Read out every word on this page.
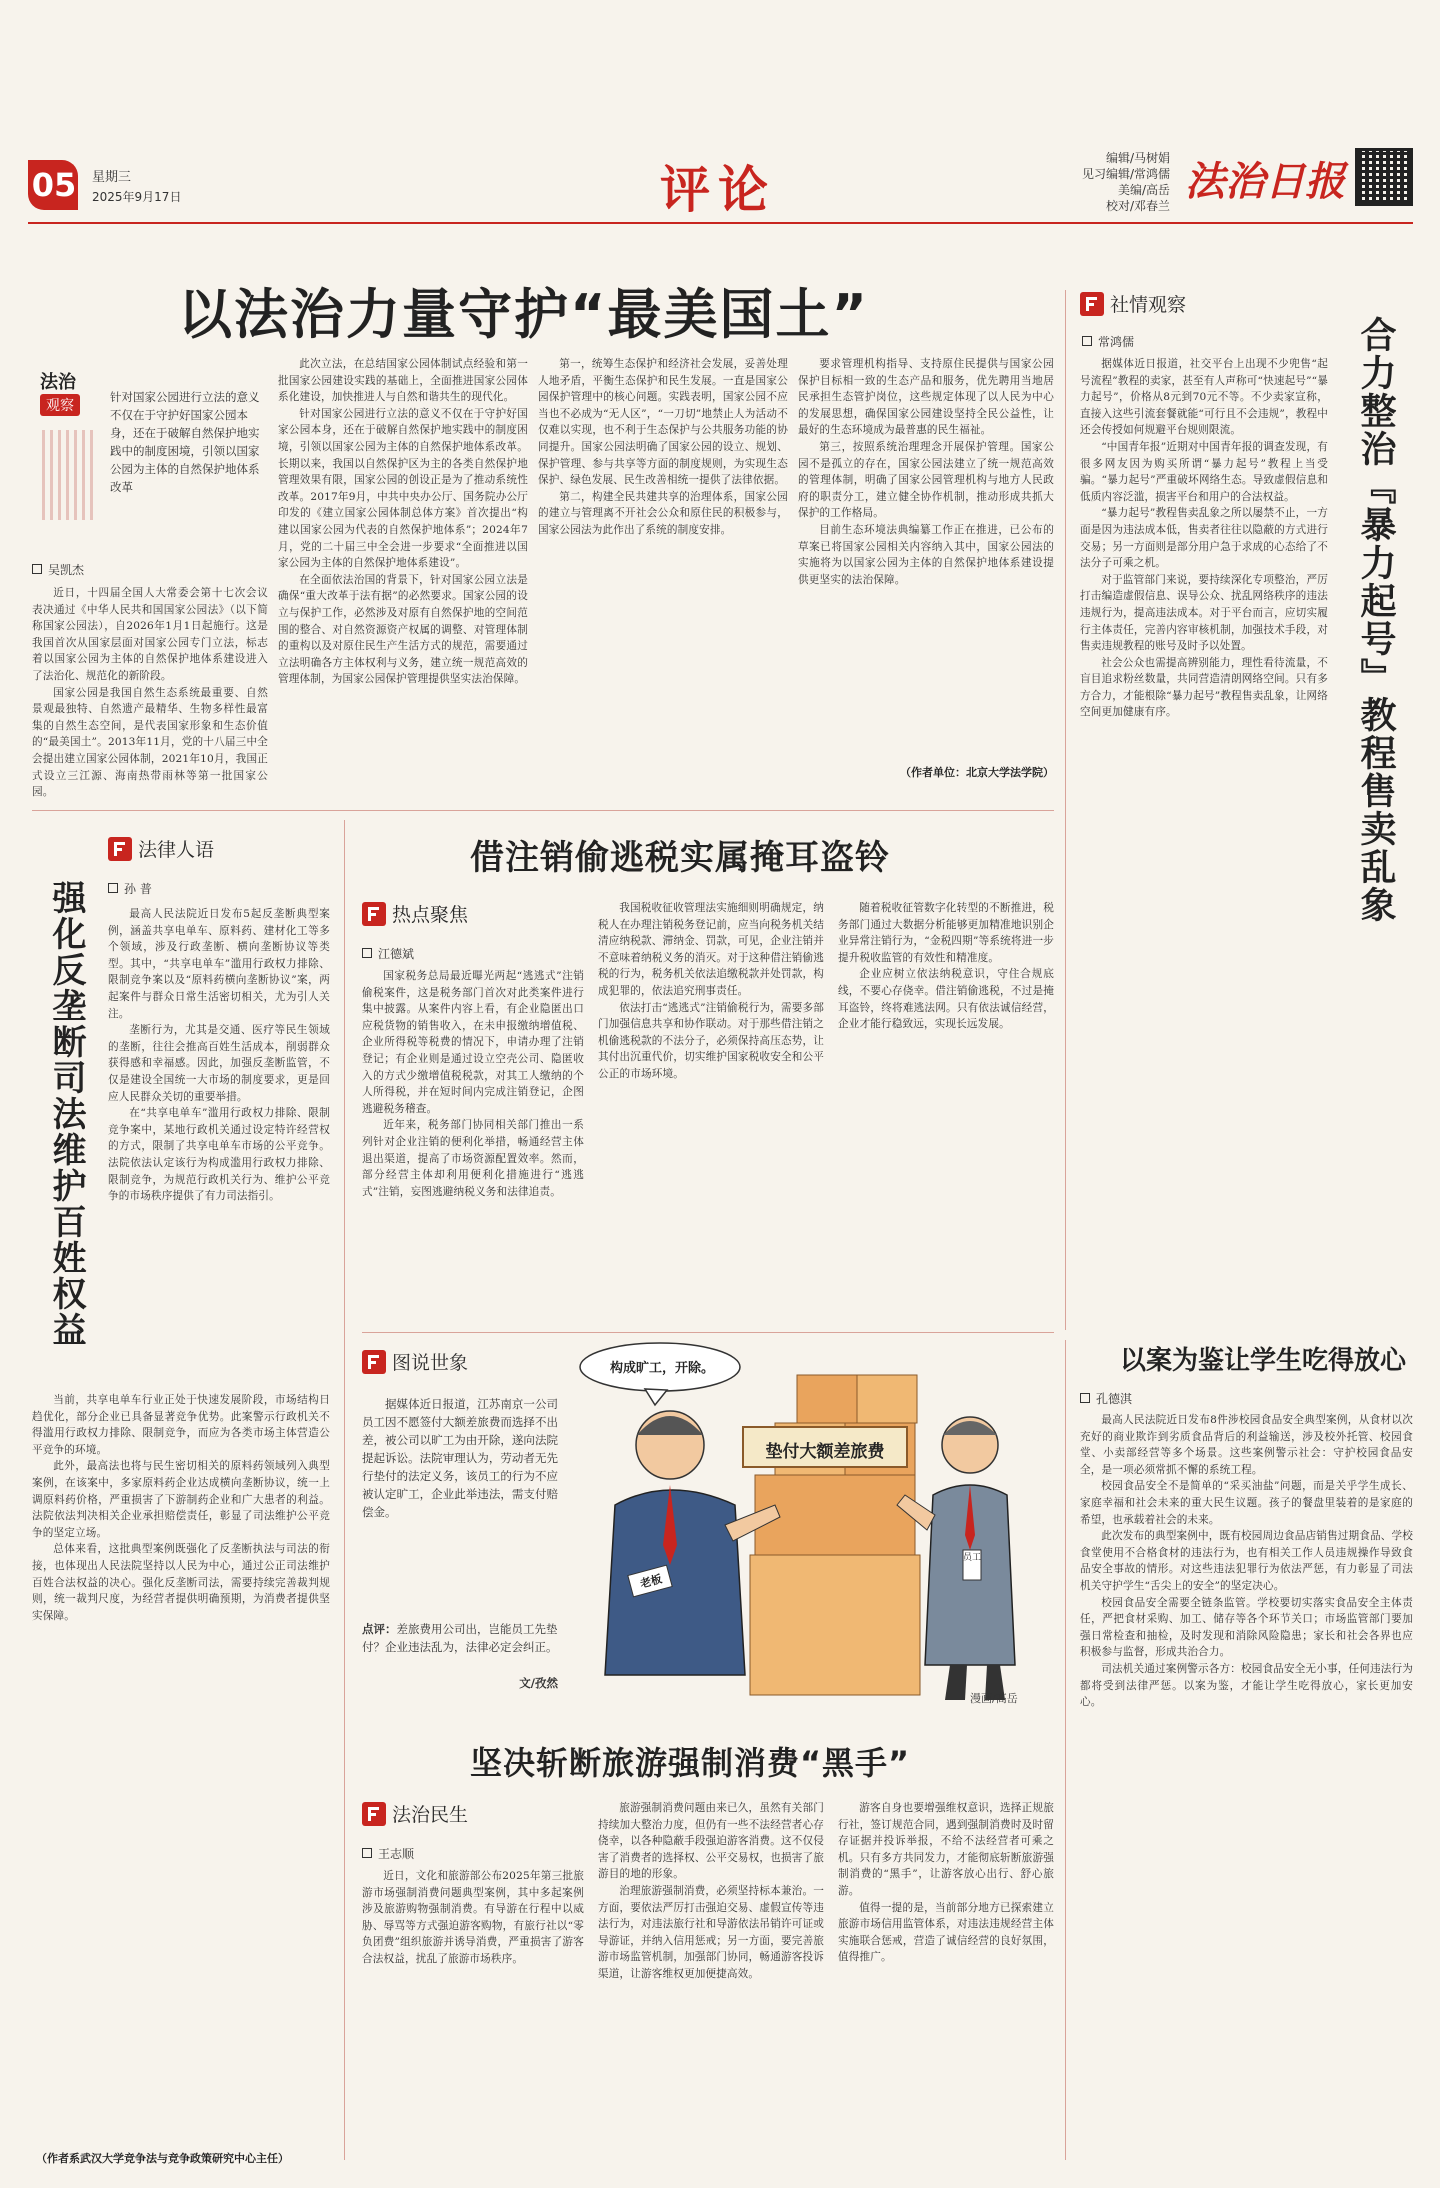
05 星期三
2025年9月17日	评论
编辑/马树娟
见习编辑/常鸿儒
美编/高岳
校对/邓春兰
法治日报
以法治力量守护“最美国土”
法治
观察
针对国家公园进行立法的意义不仅在于守护好国家公园本身，还在于破解自然保护地实践中的制度困境，引领以国家公园为主体的自然保护地体系改革
吴凯杰

近日，十四届全国人大常委会第十七次会议表决通过《中华人民共和国国家公园法》（以下简称国家公园法），自2026年1月1日起施行。这是我国首次从国家层面对国家公园专门立法，标志着以国家公园为主体的自然保护地体系建设进入了法治化、规范化的新阶段。

国家公园是我国自然生态系统最重要、自然景观最独特、自然遗产最精华、生物多样性最富集的自然生态空间，是代表国家形象和生态价值的“最美国土”。2013年11月，党的十八届三中全会提出建立国家公园体制，2021年10月，我国正式设立三江源、海南热带雨林等第一批国家公园。

此次立法，在总结国家公园体制试点经验和第一批国家公园建设实践的基础上，全面推进国家公园体系化建设，加快推进人与自然和谐共生的现代化。

针对国家公园进行立法的意义不仅在于守护好国家公园本身，还在于破解自然保护地实践中的制度困境，引领以国家公园为主体的自然保护地体系改革。长期以来，我国以自然保护区为主的各类自然保护地管理效果有限，国家公园的创设正是为了推动系统性改革。2017年9月，中共中央办公厅、国务院办公厅印发的《建立国家公园体制总体方案》首次提出“构建以国家公园为代表的自然保护地体系”；2024年7月，党的二十届三中全会进一步要求“全面推进以国家公园为主体的自然保护地体系建设”。

在全面依法治国的背景下，针对国家公园立法是确保“重大改革于法有据”的必然要求。国家公园的设立与保护工作，必然涉及对原有自然保护地的空间范围的整合、对自然资源资产权属的调整、对管理体制的重构以及对原住民生产生活方式的规范，需要通过立法明确各方主体权利与义务，建立统一规范高效的管理体制，为国家公园保护管理提供坚实法治保障。

第一，统筹生态保护和经济社会发展，妥善处理人地矛盾，平衡生态保护和民生发展。一直是国家公园保护管理中的核心问题。实践表明，国家公园不应当也不必成为“无人区”，“一刀切”地禁止人为活动不仅难以实现，也不利于生态保护与公共服务功能的协同提升。国家公园法明确了国家公园的设立、规划、保护管理、参与共享等方面的制度规则，为实现生态保护、绿色发展、民生改善相统一提供了法律依据。

第二，构建全民共建共享的治理体系，国家公园的建立与管理离不开社会公众和原住民的积极参与，国家公园法为此作出了系统的制度安排。

要求管理机构指导、支持原住民提供与国家公园保护目标相一致的生态产品和服务，优先聘用当地居民承担生态管护岗位，这些规定体现了以人民为中心的发展思想，确保国家公园建设坚持全民公益性，让最好的生态环境成为最普惠的民生福祉。

第三，按照系统治理理念开展保护管理。国家公园不是孤立的存在，国家公园法建立了统一规范高效的管理体制，明确了国家公园管理机构与地方人民政府的职责分工，建立健全协作机制，推动形成共抓大保护的工作格局。

目前生态环境法典编纂工作正在推进，已公布的草案已将国家公园相关内容纳入其中，国家公园法的实施将为以国家公园为主体的自然保护地体系建设提供更坚实的法治保障。

（作者单位：北京大学法学院）
社情观察
常鸿儒

据媒体近日报道，社交平台上出现不少兜售“起号流程”教程的卖家，甚至有人声称可“快速起号”“暴力起号”，价格从8元到70元不等。不少卖家宣称，直接入这些引流套餐就能“可行且不会违规”，教程中还会传授如何规避平台规则限流。

“中国青年报”近期对中国青年报的调查发现，有很多网友因为购买所谓“暴力起号”教程上当受骗。“暴力起号”严重破坏网络生态。导致虚假信息和低质内容泛滥，损害平台和用户的合法权益。

“暴力起号”教程售卖乱象之所以屡禁不止，一方面是因为违法成本低，售卖者往往以隐蔽的方式进行交易；另一方面则是部分用户急于求成的心态给了不法分子可乘之机。

对于监管部门来说，要持续深化专项整治，严厉打击编造虚假信息、误导公众、扰乱网络秩序的违法违规行为，提高违法成本。对于平台而言，应切实履行主体责任，完善内容审核机制，加强技术手段，对售卖违规教程的账号及时予以处置。

社会公众也需提高辨别能力，理性看待流量，不盲目追求粉丝数量，共同营造清朗网络空间。只有多方合力，才能根除“暴力起号”教程售卖乱象，让网络空间更加健康有序。	合力整治『暴力起号』教程售卖乱象
法律人语
孙 普
强化反垄断司法维护百姓权益	最高人民法院近日发布5起反垄断典型案例，涵盖共享电单车、原料药、建材化工等多个领域，涉及行政垄断、横向垄断协议等类型。其中，“共享电单车”滥用行政权力排除、限制竞争案以及“原料药横向垄断协议”案，两起案件与群众日常生活密切相关，尤为引人关注。

垄断行为，尤其是交通、医疗等民生领域的垄断，往往会推高百姓生活成本，削弱群众获得感和幸福感。因此，加强反垄断监管，不仅是建设全国统一大市场的制度要求，更是回应人民群众关切的重要举措。

在“共享电单车”滥用行政权力排除、限制竞争案中，某地行政机关通过设定特许经营权的方式，限制了共享电单车市场的公平竞争。法院依法认定该行为构成滥用行政权力排除、限制竞争，为规范行政机关行为、维护公平竞争的市场秩序提供了有力司法指引。

当前，共享电单车行业正处于快速发展阶段，市场结构日趋优化，部分企业已具备显著竞争优势。此案警示行政机关不得滥用行政权力排除、限制竞争，而应为各类市场主体营造公平竞争的环境。

此外，最高法也将与民生密切相关的原料药领域列入典型案例，在该案中，多家原料药企业达成横向垄断协议，统一上调原料药价格，严重损害了下游制药企业和广大患者的利益。法院依法判决相关企业承担赔偿责任，彰显了司法维护公平竞争的坚定立场。

总体来看，这批典型案例既强化了反垄断执法与司法的衔接，也体现出人民法院坚持以人民为中心，通过公正司法维护百姓合法权益的决心。强化反垄断司法，需要持续完善裁判规则，统一裁判尺度，为经营者提供明确预期，为消费者提供坚实保障。

（作者系武汉大学竞争法与竞争政策研究中心主任）
借注销偷逃税实属掩耳盗铃
热点聚焦
江德斌

国家税务总局最近曝光两起“逃逃式”注销偷税案件，这是税务部门首次对此类案件进行集中披露。从案件内容上看，有企业隐匿出口应税货物的销售收入，在未申报缴纳增值税、企业所得税等税费的情况下，申请办理了注销登记；有企业则是通过设立空壳公司、隐匿收入的方式少缴增值税税款，对其工人缴纳的个人所得税，并在短时间内完成注销登记，企图逃避税务稽查。

近年来，税务部门协同相关部门推出一系列针对企业注销的便利化举措，畅通经营主体退出渠道，提高了市场资源配置效率。然而，部分经营主体却利用便利化措施进行“逃逃式”注销，妄图逃避纳税义务和法律追责。

我国税收征收管理法实施细则明确规定，纳税人在办理注销税务登记前，应当向税务机关结清应纳税款、滞纳金、罚款，可见，企业注销并不意味着纳税义务的消灭。对于这种借注销偷逃税的行为，税务机关依法追缴税款并处罚款，构成犯罪的，依法追究刑事责任。

依法打击“逃逃式”注销偷税行为，需要多部门加强信息共享和协作联动。对于那些借注销之机偷逃税款的不法分子，必须保持高压态势，让其付出沉重代价，切实维护国家税收安全和公平公正的市场环境。

随着税收征管数字化转型的不断推进，税务部门通过大数据分析能够更加精准地识别企业异常注销行为，“金税四期”等系统将进一步提升税收监管的有效性和精准度。

企业应树立依法纳税意识，守住合规底线，不要心存侥幸。借注销偷逃税，不过是掩耳盗铃，终将难逃法网。只有依法诚信经营，企业才能行稳致远，实现长远发展。

图说世象
据媒体近日报道，江苏南京一公司员工因不愿签付大额差旅费而选择不出差，被公司以旷工为由开除，遂向法院提起诉讼。法院审理认为，劳动者无先行垫付的法定义务，该员工的行为不应被认定旷工，企业此举违法，需支付赔偿金。
点评：差旅费用公司出，岂能员工先垫付？企业违法乱为，法律必定会纠正。
文/孜然
构成旷工，开除。
垫付大额差旅费
老板
员工
漫画/高岳
以案为鉴让学生吃得放心
孔德淇

最高人民法院近日发布8件涉校园食品安全典型案例，从食材以次充好的商业欺诈到劣质食品背后的利益输送，涉及校外托管、校园食堂、小卖部经营等多个场景。这些案例警示社会：守护校园食品安全，是一项必须常抓不懈的系统工程。

校园食品安全不是简单的“采买油盐”问题，而是关乎学生成长、家庭幸福和社会未来的重大民生议题。孩子的餐盘里装着的是家庭的希望，也承载着社会的未来。

此次发布的典型案例中，既有校园周边食品店销售过期食品、学校食堂使用不合格食材的违法行为，也有相关工作人员违规操作导致食品安全事故的情形。对这些违法犯罪行为依法严惩，有力彰显了司法机关守护学生“舌尖上的安全”的坚定决心。

校园食品安全需要全链条监管。学校要切实落实食品安全主体责任，严把食材采购、加工、储存等各个环节关口；市场监管部门要加强日常检查和抽检，及时发现和消除风险隐患；家长和社会各界也应积极参与监督，形成共治合力。

司法机关通过案例警示各方：校园食品安全无小事，任何违法行为都将受到法律严惩。以案为鉴，才能让学生吃得放心，家长更加安心。

坚决斩断旅游强制消费“黑手”
法治民生
王志顺

近日，文化和旅游部公布2025年第三批旅游市场强制消费问题典型案例，其中多起案例涉及旅游购物强制消费。有导游在行程中以威胁、辱骂等方式强迫游客购物，有旅行社以“零负团费”组织旅游并诱导消费，严重损害了游客合法权益，扰乱了旅游市场秩序。

旅游强制消费问题由来已久，虽然有关部门持续加大整治力度，但仍有一些不法经营者心存侥幸，以各种隐蔽手段强迫游客消费。这不仅侵害了消费者的选择权、公平交易权，也损害了旅游目的地的形象。

治理旅游强制消费，必须坚持标本兼治。一方面，要依法严厉打击强迫交易、虚假宣传等违法行为，对违法旅行社和导游依法吊销许可证或导游证，并纳入信用惩戒；另一方面，要完善旅游市场监管机制，加强部门协同，畅通游客投诉渠道，让游客维权更加便捷高效。

游客自身也要增强维权意识，选择正规旅行社，签订规范合同，遇到强制消费时及时留存证据并投诉举报，不给不法经营者可乘之机。只有多方共同发力，才能彻底斩断旅游强制消费的“黑手”，让游客放心出行、舒心旅游。

值得一提的是，当前部分地方已探索建立旅游市场信用监管体系，对违法违规经营主体实施联合惩戒，营造了诚信经营的良好氛围，值得推广。
